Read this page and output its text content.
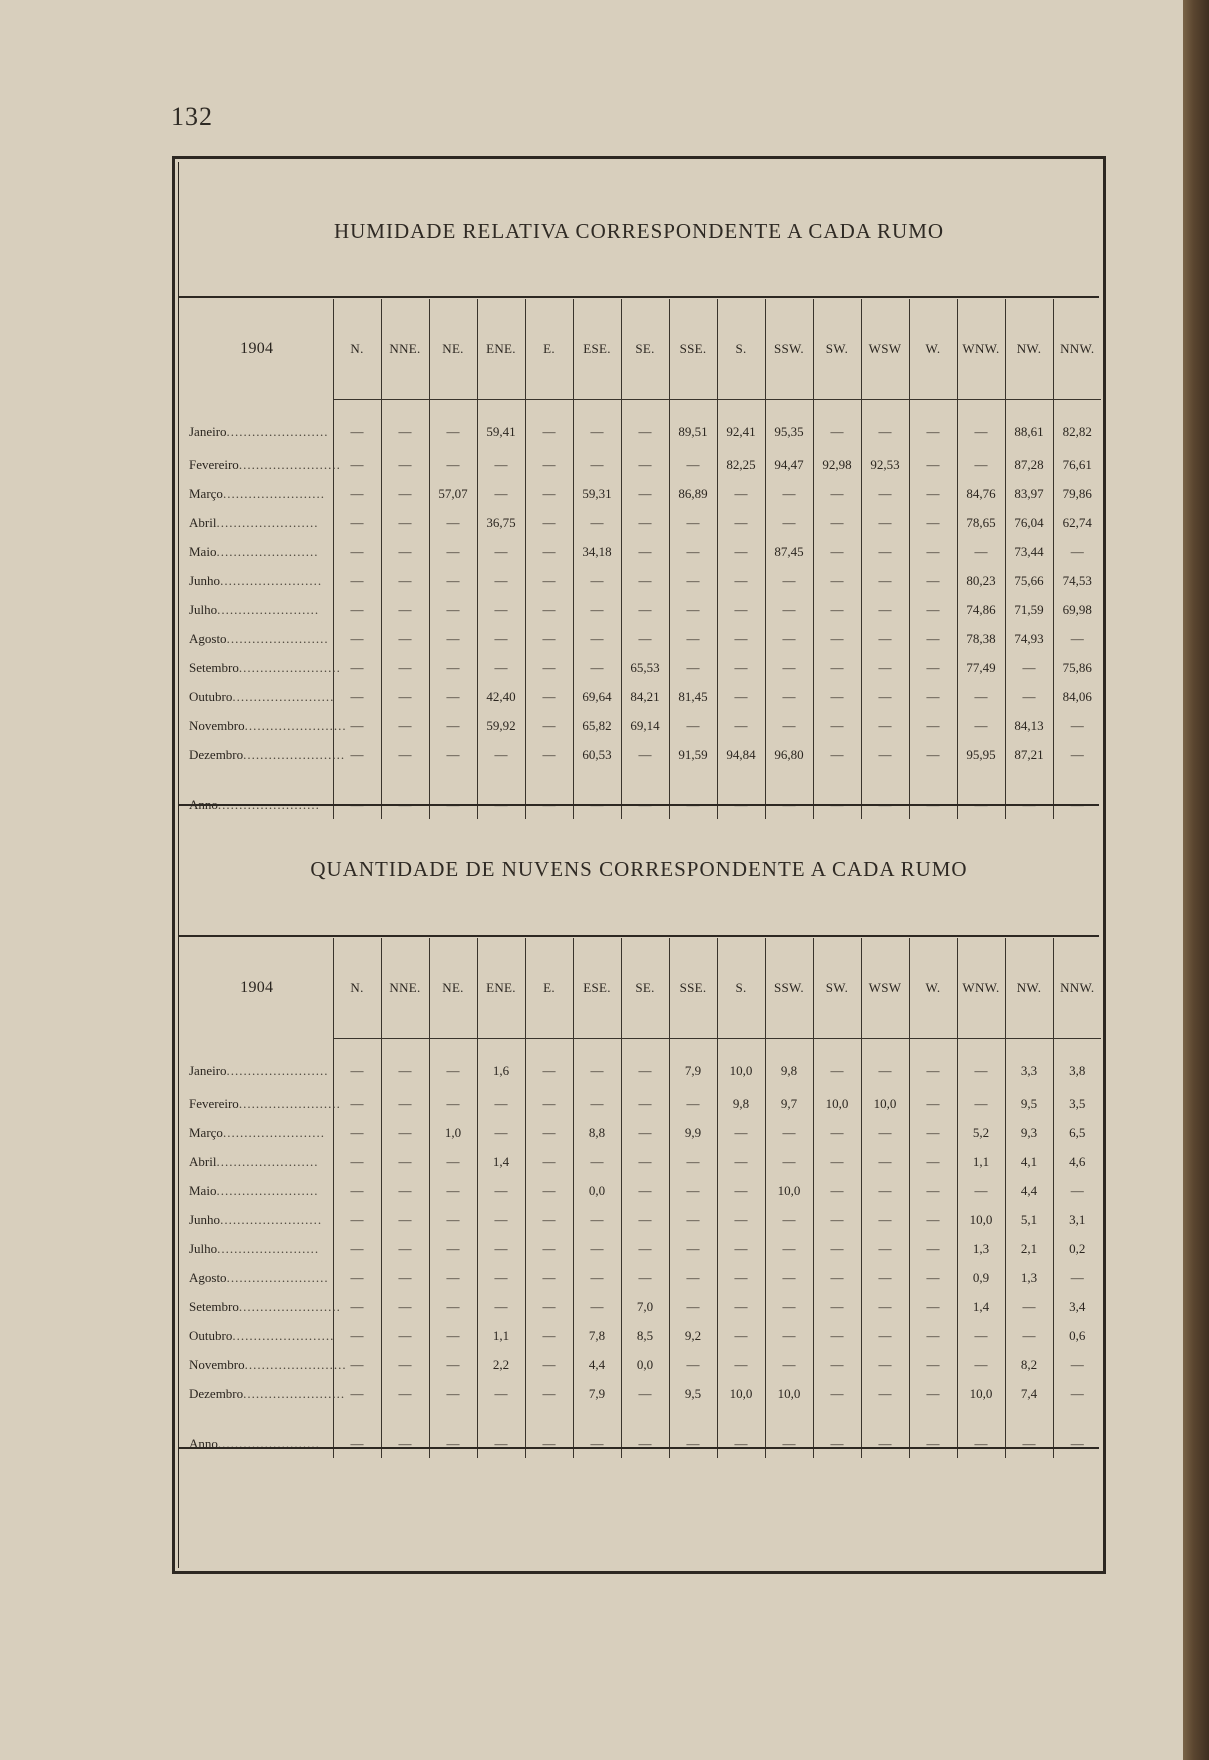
132
HUMIDADE RELATIVA CORRESPONDENTE A CADA RUMO
1904	N.	NNE.	NE.	ENE.	E.	ESE.	SE.	SSE.	S.	SSW.	SW.	WSW	W.	WNW.	NW.	NNW.
Janeiro........................	—	—	—	59,41	—	—	—	89,51	92,41	95,35	—	—	—	—	88,61	82,82
Fevereiro........................	—	—	—	—	—	—	—	—	82,25	94,47	92,98	92,53	—	—	87,28	76,61
Março........................	—	—	57,07	—	—	59,31	—	86,89	—	—	—	—	—	84,76	83,97	79,86
Abril........................	—	—	—	36,75	—	—	—	—	—	—	—	—	—	78,65	76,04	62,74
Maio........................	—	—	—	—	—	34,18	—	—	—	87,45	—	—	—	—	73,44	—
Junho........................	—	—	—	—	—	—	—	—	—	—	—	—	—	80,23	75,66	74,53
Julho........................	—	—	—	—	—	—	—	—	—	—	—	—	—	74,86	71,59	69,98
Agosto........................	—	—	—	—	—	—	—	—	—	—	—	—	—	78,38	74,93	—
Setembro........................	—	—	—	—	—	—	65,53	—	—	—	—	—	—	77,49	—	75,86
Outubro........................	—	—	—	42,40	—	69,64	84,21	81,45	—	—	—	—	—	—	—	84,06
Novembro........................	—	—	—	59,92	—	65,82	69,14	—	—	—	—	—	—	—	84,13	—
Dezembro........................	—	—	—	—	—	60,53	—	91,59	94,84	96,80	—	—	—	95,95	87,21	—
Anno........................	—	—	—	—	—	—	—	—	—	—	—	—	—	—	—	—
QUANTIDADE DE NUVENS CORRESPONDENTE A CADA RUMO
1904	N.	NNE.	NE.	ENE.	E.	ESE.	SE.	SSE.	S.	SSW.	SW.	WSW	W.	WNW.	NW.	NNW.
Janeiro........................	—	—	—	1,6	—	—	—	7,9	10,0	9,8	—	—	—	—	3,3	3,8
Fevereiro........................	—	—	—	—	—	—	—	—	9,8	9,7	10,0	10,0	—	—	9,5	3,5
Março........................	—	—	1,0	—	—	8,8	—	9,9	—	—	—	—	—	5,2	9,3	6,5
Abril........................	—	—	—	1,4	—	—	—	—	—	—	—	—	—	1,1	4,1	4,6
Maio........................	—	—	—	—	—	0,0	—	—	—	10,0	—	—	—	—	4,4	—
Junho........................	—	—	—	—	—	—	—	—	—	—	—	—	—	10,0	5,1	3,1
Julho........................	—	—	—	—	—	—	—	—	—	—	—	—	—	1,3	2,1	0,2
Agosto........................	—	—	—	—	—	—	—	—	—	—	—	—	—	0,9	1,3	—
Setembro........................	—	—	—	—	—	—	7,0	—	—	—	—	—	—	1,4	—	3,4
Outubro........................	—	—	—	1,1	—	7,8	8,5	9,2	—	—	—	—	—	—	—	0,6
Novembro........................	—	—	—	2,2	—	4,4	0,0	—	—	—	—	—	—	—	8,2	—
Dezembro........................	—	—	—	—	—	7,9	—	9,5	10,0	10,0	—	—	—	10,0	7,4	—
Anno........................	—	—	—	—	—	—	—	—	—	—	—	—	—	—	—	—
